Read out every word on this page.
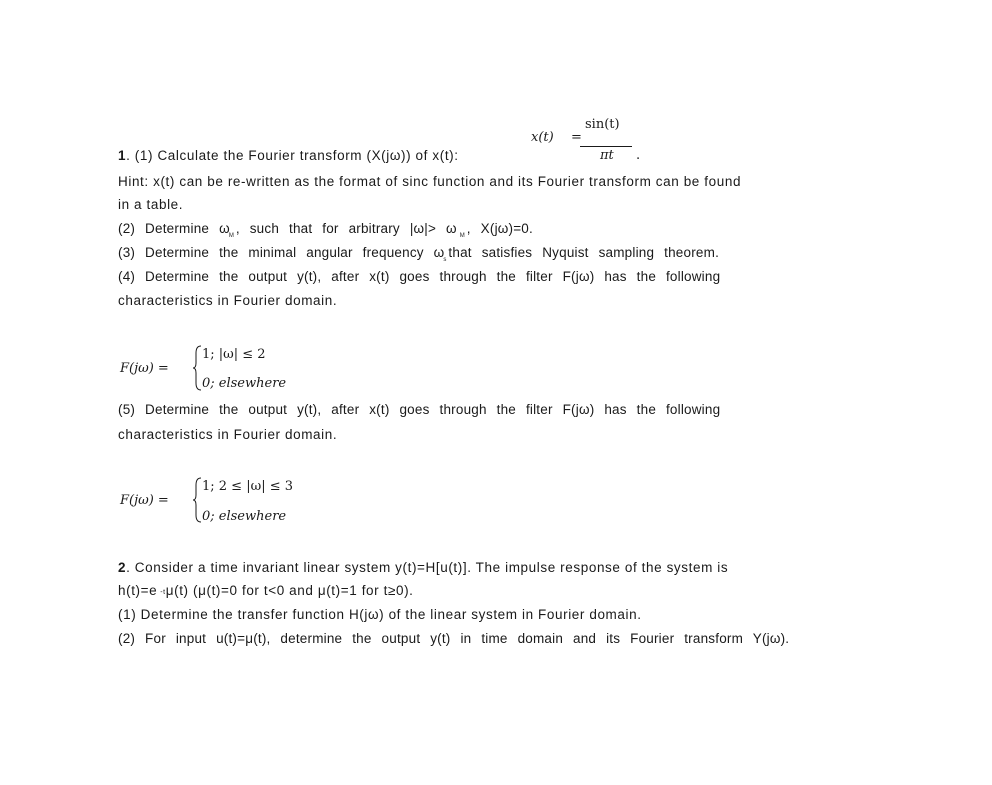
1. (1) Calculate the Fourier transform (X(jω)) of x(t):
x(t) =
sin(t)
πt .
Hint: x(t) can be re-written as the format of sinc function and its Fourier transform can be found
in a table.
(2) Determine ω M , such that for arbitrary |ω|> ω M , X(jω)=0.
(3) Determine the minimal angular frequency ω s that satisfies Nyquist sampling theorem.
(4) Determine the output y(t), after x(t) goes through the filter F(jω) has the following
characteristics in Fourier domain.
F(jω) =
1; |ω| ≤ 2
0; elsewhere
(5) Determine the output y(t), after x(t) goes through the filter F(jω) has the following
characteristics in Fourier domain.
F(jω) =
1; 2 ≤ |ω| ≤ 3
0; elsewhere
2. Consider a time invariant linear system y(t)=H[u(t)]. The impulse response of the system is
h(t)=e -tμ(t) (μ(t)=0 for t<0 and μ(t)=1 for t≥0).
(1) Determine the transfer function H(jω) of the linear system in Fourier domain.
(2) For input u(t)=μ(t), determine the output y(t) in time domain and its Fourier transform Y(jω).
